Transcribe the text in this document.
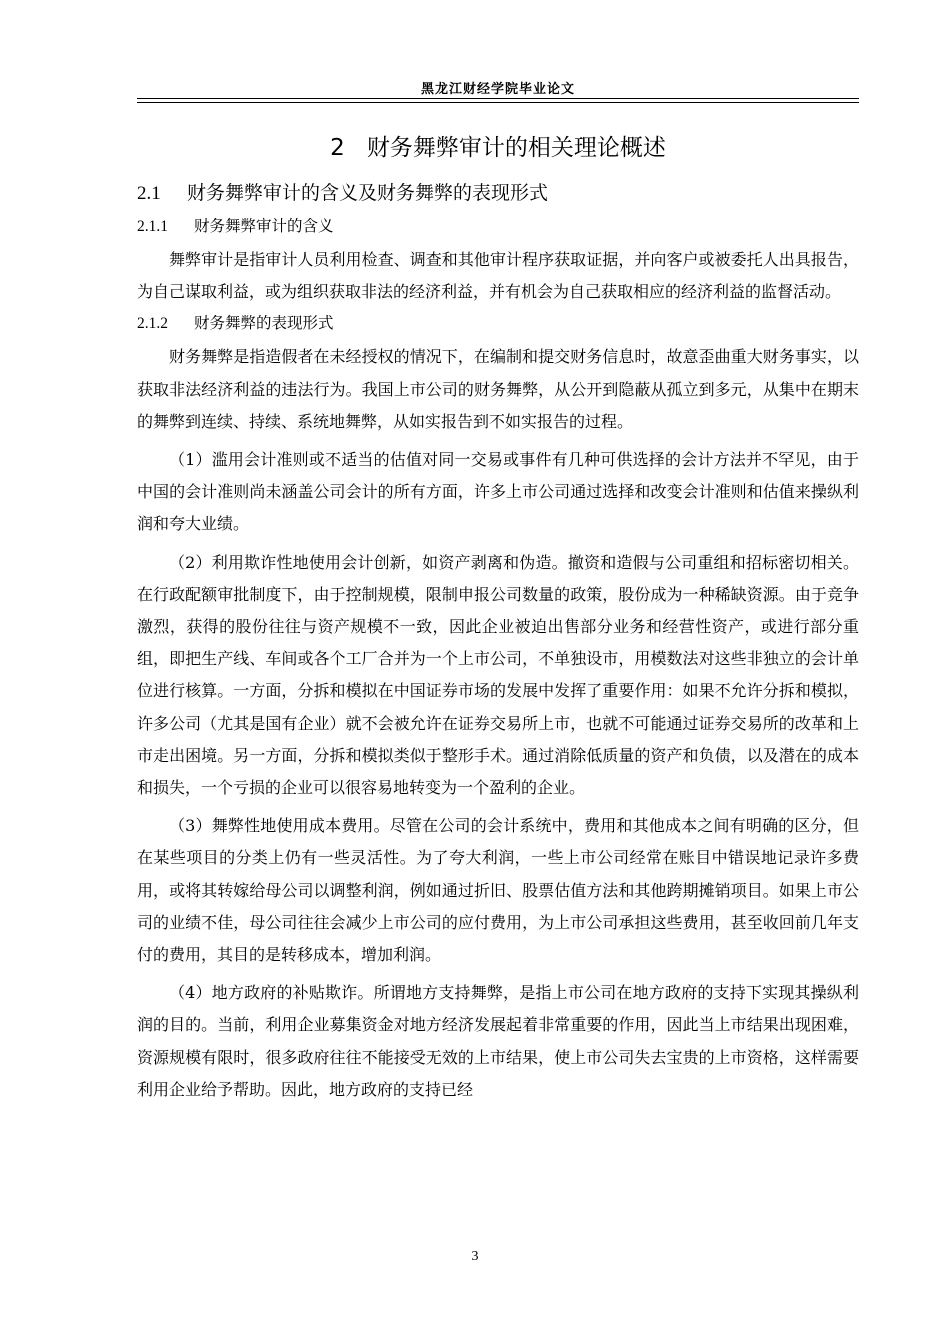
黑龙江财经学院毕业论文
2 财务舞弊审计的相关理论概述
2.1 财务舞弊审计的含义及财务舞弊的表现形式
2.1.1 财务舞弊审计的含义

舞弊审计是指审计人员利用检查、调查和其他审计程序获取证据，并向客户或被委托人出具报告，为自己谋取利益，或为组织获取非法的经济利益，并有机会为自己获取相应的经济利益的监督活动。

2.1.2 财务舞弊的表现形式

财务舞弊是指造假者在未经授权的情况下，在编制和提交财务信息时，故意歪曲重大财务事实，以获取非法经济利益的违法行为。我国上市公司的财务舞弊，从公开到隐蔽从孤立到多元，从集中在期末的舞弊到连续、持续、系统地舞弊，从如实报告到不如实报告的过程。

（1）滥用会计准则或不适当的估值对同一交易或事件有几种可供选择的会计方法并不罕见，由于中国的会计准则尚未涵盖公司会计的所有方面，许多上市公司通过选择和改变会计准则和估值来操纵利润和夸大业绩。

（2）利用欺诈性地使用会计创新，如资产剥离和伪造。撤资和造假与公司重组和招标密切相关。在行政配额审批制度下，由于控制规模，限制申报公司数量的政策，股份成为一种稀缺资源。由于竞争激烈，获得的股份往往与资产规模不一致，因此企业被迫出售部分业务和经营性资产，或进行部分重组，即把生产线、车间或各个工厂合并为一个上市公司，不单独设市，用模数法对这些非独立的会计单位进行核算。一方面，分拆和模拟在中国证券市场的发展中发挥了重要作用：如果不允许分拆和模拟，许多公司（尤其是国有企业）就不会被允许在证券交易所上市，也就不可能通过证券交易所的改革和上市走出困境。另一方面，分拆和模拟类似于整形手术。通过消除低质量的资产和负债，以及潜在的成本和损失，一个亏损的企业可以很容易地转变为一个盈利的企业。

（3）舞弊性地使用成本费用。尽管在公司的会计系统中，费用和其他成本之间有明确的区分，但在某些项目的分类上仍有一些灵活性。为了夸大利润，一些上市公司经常在账目中错误地记录许多费用，或将其转嫁给母公司以调整利润，例如通过折旧、股票估值方法和其他跨期摊销项目。如果上市公司的业绩不佳，母公司往往会减少上市公司的应付费用，为上市公司承担这些费用，甚至收回前几年支付的费用，其目的是转移成本，增加利润。

（4）地方政府的补贴欺诈。所谓地方支持舞弊，是指上市公司在地方政府的支持下实现其操纵利润的目的。当前，利用企业募集资金对地方经济发展起着非常重要的作用，因此当上市结果出现困难，资源规模有限时，很多政府往往不能接受无效的上市结果，使上市公司失去宝贵的上市资格，这样需要利用企业给予帮助。因此，地方政府的支持已经

3
